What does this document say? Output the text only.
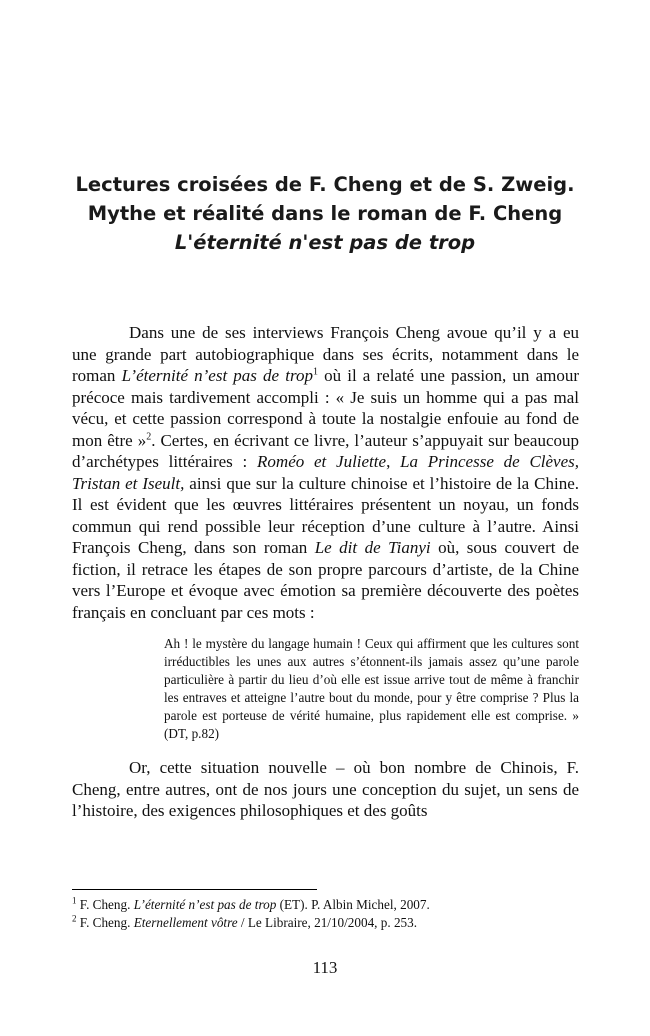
Lectures croisées de F. Cheng et de S. Zweig.
Mythe et réalité dans le roman de F. Cheng
L'éternité n'est pas de trop

Dans une de ses interviews François Cheng avoue qu’il y a eu une grande part autobiographique dans ses écrits, notamment dans le roman L’éternité n’est pas de trop$^1$ où il a relaté une passion, un amour précoce mais tardivement accompli : « Je suis un homme qui a pas mal vécu, et cette passion correspond à toute la nostalgie enfouie au fond de mon être »$^2$. Certes, en écrivant ce livre, l’auteur s’appuyait sur beaucoup d’archétypes littéraires : Roméo et Juliette, La Princesse de Clèves, Tristan et Iseult, ainsi que sur la culture chinoise et l’histoire de la Chine. Il est évident que les œuvres littéraires présentent un noyau, un fonds commun qui rend possible leur réception d’une culture à l’autre. Ainsi François Cheng, dans son roman Le dit de Tianyi où, sous couvert de fiction, il retrace les étapes de son propre parcours d’artiste, de la Chine vers l’Europe et évoque avec émotion sa première découverte des poètes français en concluant par ces mots :

Ah ! le mystère du langage humain ! Ceux qui affirment que les cultures sont irréductibles les unes aux autres s’étonnent-ils jamais assez qu’une parole particulière à partir du lieu d’où elle est issue arrive tout de même à franchir les entraves et atteigne l’autre bout du monde, pour y être comprise ? Plus la parole est porteuse de vérité humaine, plus rapidement elle est comprise. » (DT, p.82)

Or, cette situation nouvelle – où bon nombre de Chinois, F. Cheng, entre autres, ont de nos jours une conception du sujet, un sens de l’histoire, des exigences philosophiques et des goûts

$^1$ F. Cheng. L’éternité n’est pas de trop (ET). P. Albin Michel, 2007.
$^2$ F. Cheng. Eternellement vôtre / Le Libraire, 21/10/2004, p. 253.
113
